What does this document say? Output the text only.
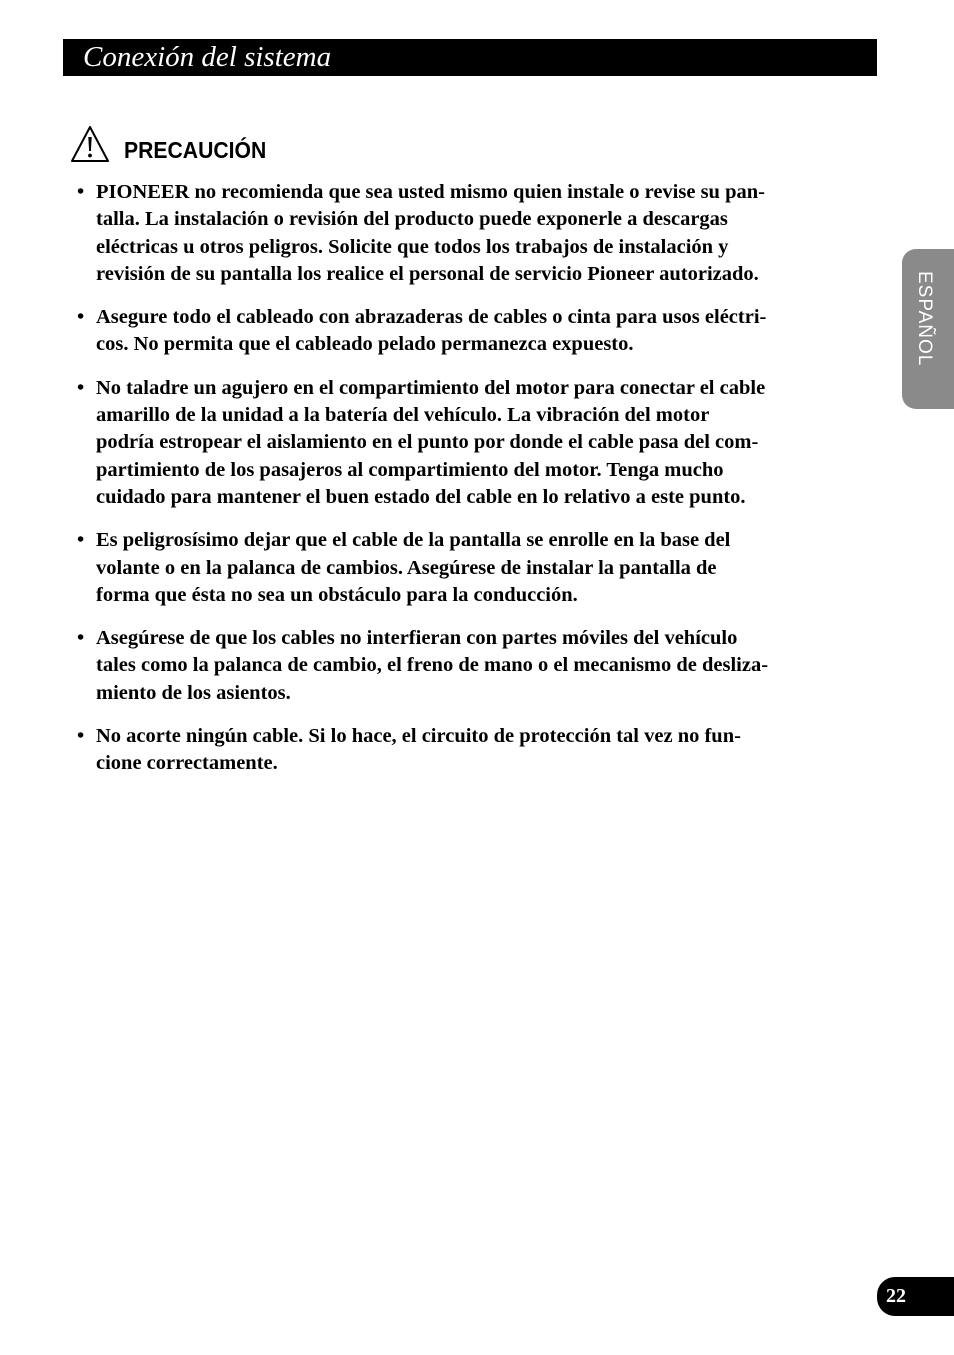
Conexión del sistema
PRECAUCIÓN
• PIONEER no recomienda que sea usted mismo quien instale o revise su pan-
talla. La instalación o revisión del producto puede exponerle a descargas
eléctricas u otros peligros. Solicite que todos los trabajos de instalación y
revisión de su pantalla los realice el personal de servicio Pioneer autorizado.
• Asegure todo el cableado con abrazaderas de cables o cinta para usos eléctri-
cos. No permita que el cableado pelado permanezca expuesto.
• No taladre un agujero en el compartimiento del motor para conectar el cable
amarillo de la unidad a la batería del vehículo. La vibración del motor
podría estropear el aislamiento en el punto por donde el cable pasa del com-
partimiento de los pasajeros al compartimiento del motor. Tenga mucho
cuidado para mantener el buen estado del cable en lo relativo a este punto.
• Es peligrosísimo dejar que el cable de la pantalla se enrolle en la base del
volante o en la palanca de cambios. Asegúrese de instalar la pantalla de
forma que ésta no sea un obstáculo para la conducción.
• Asegúrese de que los cables no interfieran con partes móviles del vehículo
tales como la palanca de cambio, el freno de mano o el mecanismo de desliza-
miento de los asientos.
• No acorte ningún cable. Si lo hace, el circuito de protección tal vez no fun-
cione correctamente.
ESPAÑOL
22
